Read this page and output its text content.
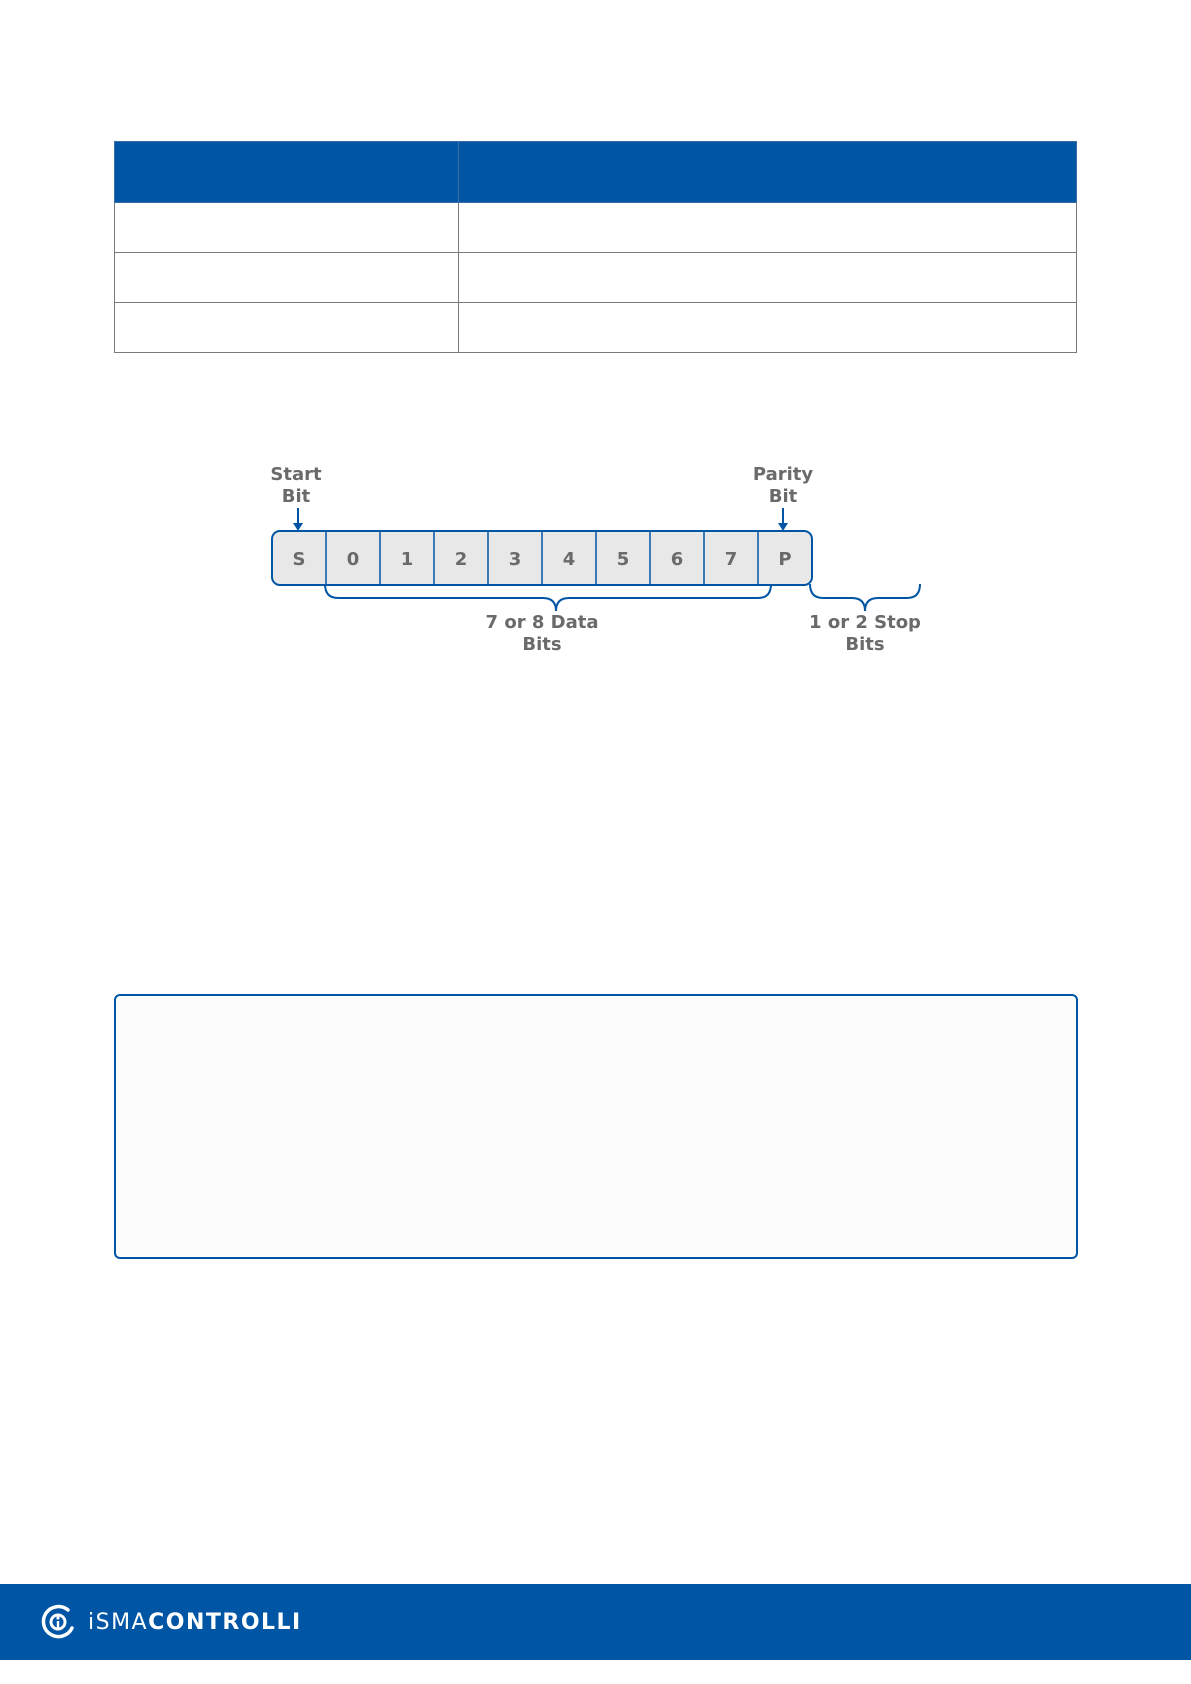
Start
Bit
Parity
Bit
S 0 1 2 3 4 5 6 7 P
7 or 8 Data
Bits
1 or 2 Stop
Bits
iSMACONTROLLI
